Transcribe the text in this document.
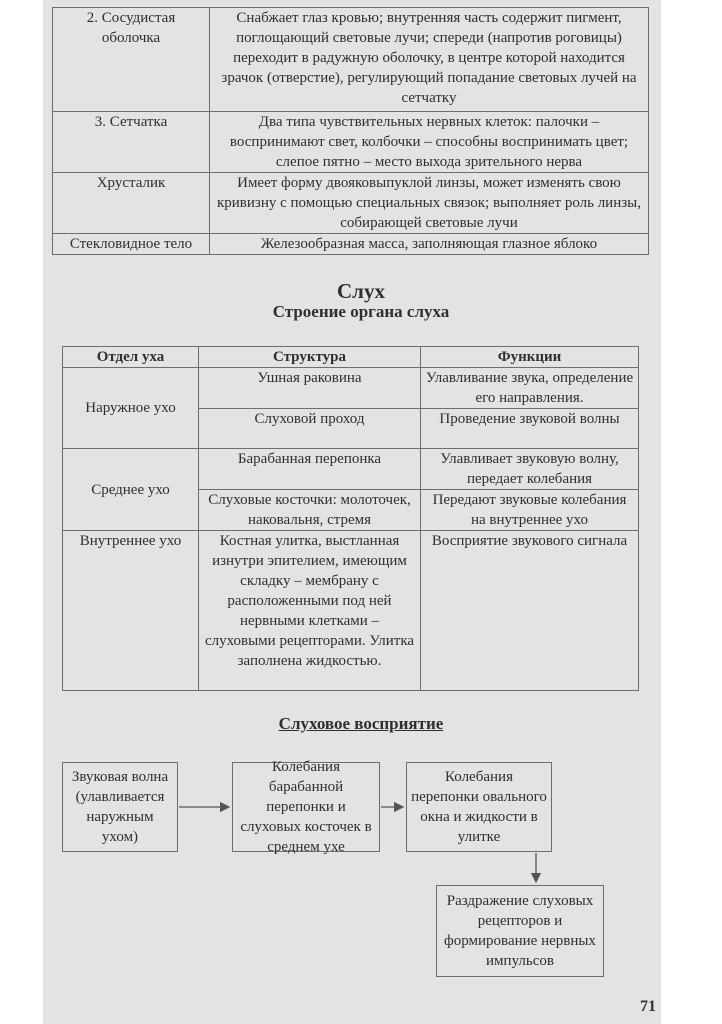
2. Сосудистая оболочка	Снабжает глаз кровью; внутренняя часть содержит пигмент, поглощающий световые лучи; спереди (напротив роговицы) переходит в радужную оболочку, в центре которой находится зрачок (отверстие), регулирующий попадание световых лучей на сетчатку
3. Сетчатка	Два типа чувствительных нервных клеток: палочки – воспринимают свет, колбочки – способны воспринимать цвет; слепое пятно – место выхода зрительного нерва
Хрусталик	Имеет форму двояковыпуклой линзы, может изменять свою кривизну с помощью специальных связок; выполняет роль линзы, собирающей световые лучи
Стекловидное тело	Железообразная масса, заполняющая глазное яблоко
Слух
Строение органа слуха
Отдел уха	Структура	Функции
Наружное ухо	Ушная раковина	Улавливание звука, определение его направления.
	Слуховой проход	Проведение звуковой волны
Среднее ухо	Барабанная перепонка	Улавливает звуковую волну, передает колебания
	Слуховые косточки: молоточек, наковальня, стремя	Передают звуковые колебания на внутреннее ухо
Внутреннее ухо	Костная улитка, выстланная изнутри эпителием, имеющим складку – мембрану с расположенными под ней нервными клетками – слуховыми рецепторами. Улитка заполнена жидкостью.	Восприятие звукового сигнала
Слуховое восприятие
Звуковая волна (улавливается наружным ухом)
Колебания барабанной перепонки и слуховых косточек в среднем ухе
Колебания перепонки овального окна и жидкости в улитке
Раздражение слуховых рецепторов и формирование нервных импульсов
71
